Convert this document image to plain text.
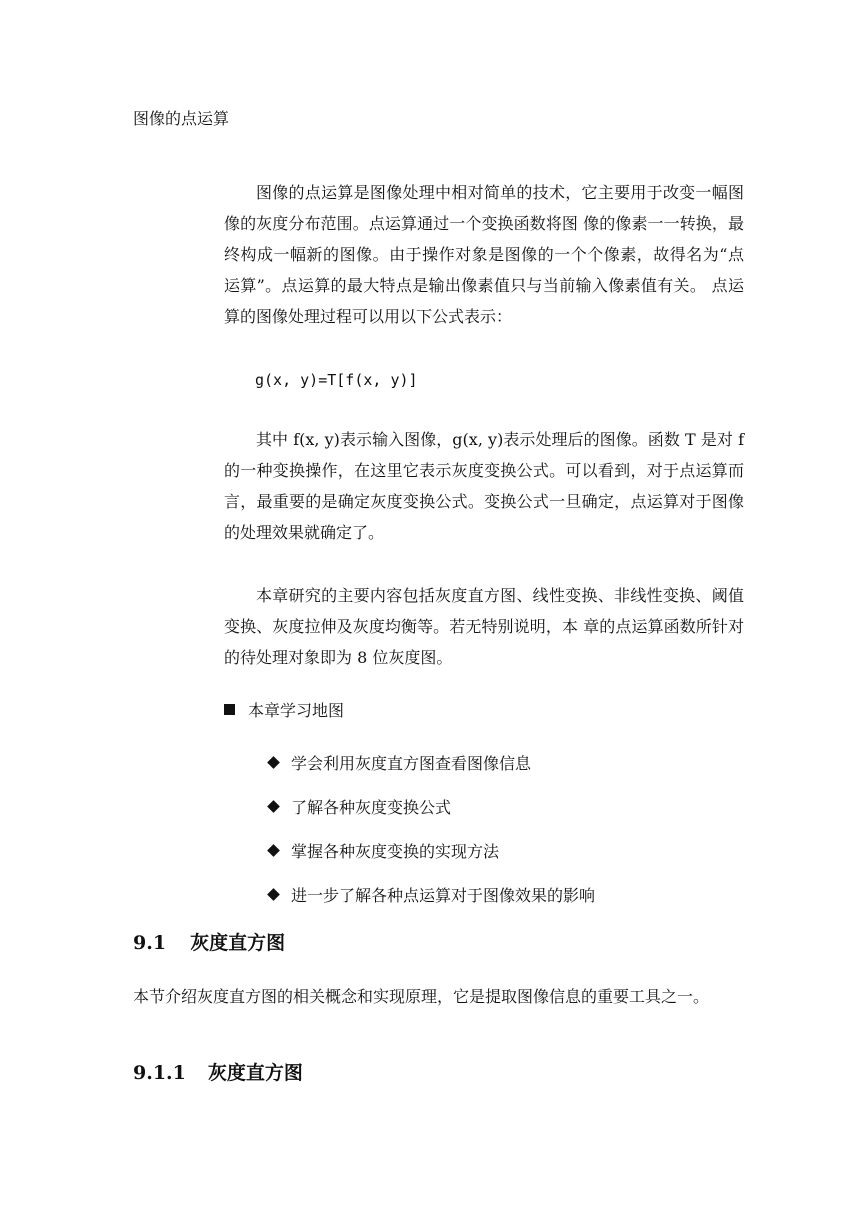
图像的点运算

图像的点运算是图像处理中相对简单的技术，它主要用于改变一幅图像的灰度分布范围。点运算通过一个变换函数将图 像的像素一一转换，最终构成一幅新的图像。由于操作对象是图像的一个个像素，故得名为“点运算”。点运算的最大特点是输出像素值只与当前输入像素值有关。 点运算的图像处理过程可以用以下公式表示：

g(x, y)=T[f(x, y)]

其中 f(x, y)表示输入图像，g(x, y)表示处理后的图像。函数 T 是对 f 的一种变换操作，在这里它表示灰度变换公式。可以看到，对于点运算而言，最重要的是确定灰度变换公式。变换公式一旦确定，点运算对于图像的处理效果就确定了。

本章研究的主要内容包括灰度直方图、线性变换、非线性变换、阈值变换、灰度拉伸及灰度均衡等。若无特别说明，本 章的点运算函数所针对的待处理对象即为 8 位灰度图。

本章学习地图
学会利用灰度直方图查看图像信息
了解各种灰度变换公式
掌握各种灰度变换的实现方法
进一步了解各种点运算对于图像效果的影响
9.1 灰度直方图

本节介绍灰度直方图的相关概念和实现原理，它是提取图像信息的重要工具之一。

9.1.1 灰度直方图
